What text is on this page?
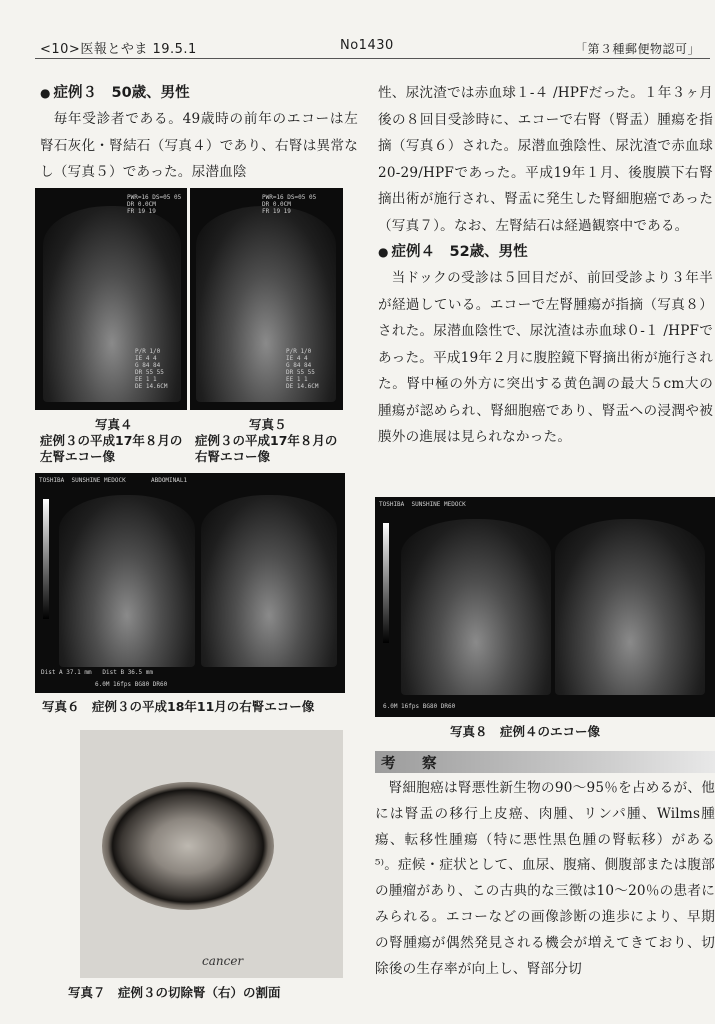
<10>医報とやま 19.5.1	No1430	「第３種郵便物認可」

● 症例３　50歳、男性

毎年受診者である。49歳時の前年のエコーは左腎石灰化・腎結石（写真４）であり、右腎は異常なし（写真５）であった。尿潜血陰

PWR=16 DS=05 05
DR 0.0CM
FR 19 19
P/R 1/0
IE 4 4
G 84 84
DR 55 55
EE 1 1
DE 14.6CM
PWR=16 DS=05 05
DR 0.0CM
FR 19 19
P/R 1/0
IE 4 4
G 84 84
DR 55 55
EE 1 1
DE 14.6CM
写真４
症例３の平成17年８月の
左腎エコー像
写真５
症例３の平成17年８月の
右腎エコー像
TOSHIBA  SUNSHINE MEDOCK       ABDOMINAL1
Dist A 37.1 mm   Dist B 36.5 mm
6.0M 16fps BG80 DR60
写真６　症例３の平成18年11月の右腎エコー像
cancer
写真７　症例３の切除腎（右）の割面

性、尿沈渣では赤血球１-４ /HPFだった。１年３ヶ月後の８回目受診時に、エコーで右腎（腎盂）腫瘍を指摘（写真６）された。尿潜血強陰性、尿沈渣で赤血球20-29/HPFであった。平成19年１月、後腹膜下右腎摘出術が施行され、腎盂に発生した腎細胞癌であった（写真７）。なお、左腎結石は経過観察中である。

● 症例４　52歳、男性

当ドックの受診は５回目だが、前回受診より３年半が経過している。エコーで左腎腫瘍が指摘（写真８）された。尿潜血陰性で、尿沈渣は赤血球０-１ /HPFであった。平成19年２月に腹腔鏡下腎摘出術が施行された。腎中極の外方に突出する黄色調の最大５cm大の腫瘍が認められ、腎細胞癌であり、腎盂への浸潤や被膜外の進展は見られなかった。

TOSHIBA  SUNSHINE MEDOCK
6.0M 16fps BG80 DR60
写真８　症例４のエコー像
考　察

腎細胞癌は腎悪性新生物の90～95％を占めるが、他には腎盂の移行上皮癌、肉腫、リンパ腫、Wilms腫瘍、転移性腫瘍（特に悪性黒色腫の腎転移）がある⁵⁾。症候・症状として、血尿、腹痛、側腹部または腹部の腫瘤があり、この古典的な三徴は10～20％の患者にみられる。エコーなどの画像診断の進歩により、早期の腎腫瘍が偶然発見される機会が増えてきており、切除後の生存率が向上し、腎部分切
